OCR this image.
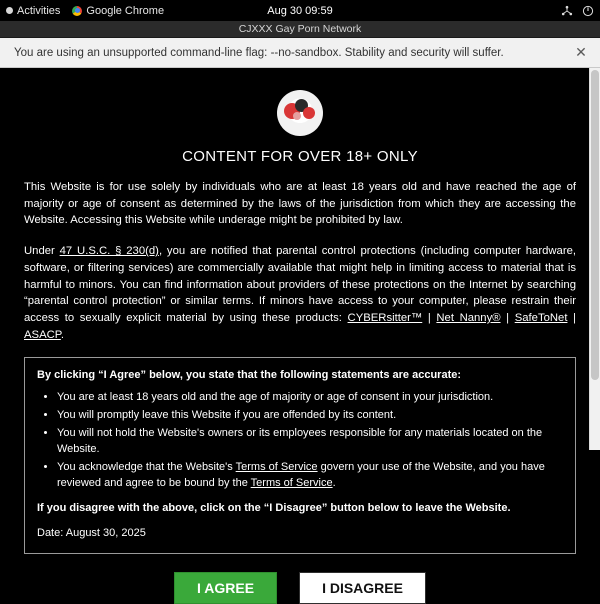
Activities Google Chrome	Aug 30 09:59
CJXXX Gay Porn Network
You are using an unsupported command-line flag: --no-sandbox. Stability and security will suffer.	✕
CONTENT FOR OVER 18+ ONLY

This Website is for use solely by individuals who are at least 18 years old and have reached the age of majority or age of consent as determined by the laws of the jurisdiction from which they are accessing the Website. Accessing this Website while underage might be prohibited by law.

Under 47 U.S.C. § 230(d), you are notified that parental control protections (including computer hardware, software, or filtering services) are commercially available that might help in limiting access to material that is harmful to minors. You can find information about providers of these protections on the Internet by searching “parental control protection” or similar terms. If minors have access to your computer, please restrain their access to sexually explicit material by using these products: CYBERsitter™ | Net Nanny® | SafeToNet | ASACP.

By clicking “I Agree” below, you state that the following statements are accurate:
• You are at least 18 years old and the age of majority or age of consent in your jurisdiction.
• You will promptly leave this Website if you are offended by its content.
• You will not hold the Website's owners or its employees responsible for any materials located on the Website.
• You acknowledge that the Website's Terms of Service govern your use of the Website, and you have reviewed and agree to be bound by the Terms of Service.
If you disagree with the above, click on the “I Disagree” button below to leave the Website.
Date: August 30, 2025
I AGREE	I DISAGREE
